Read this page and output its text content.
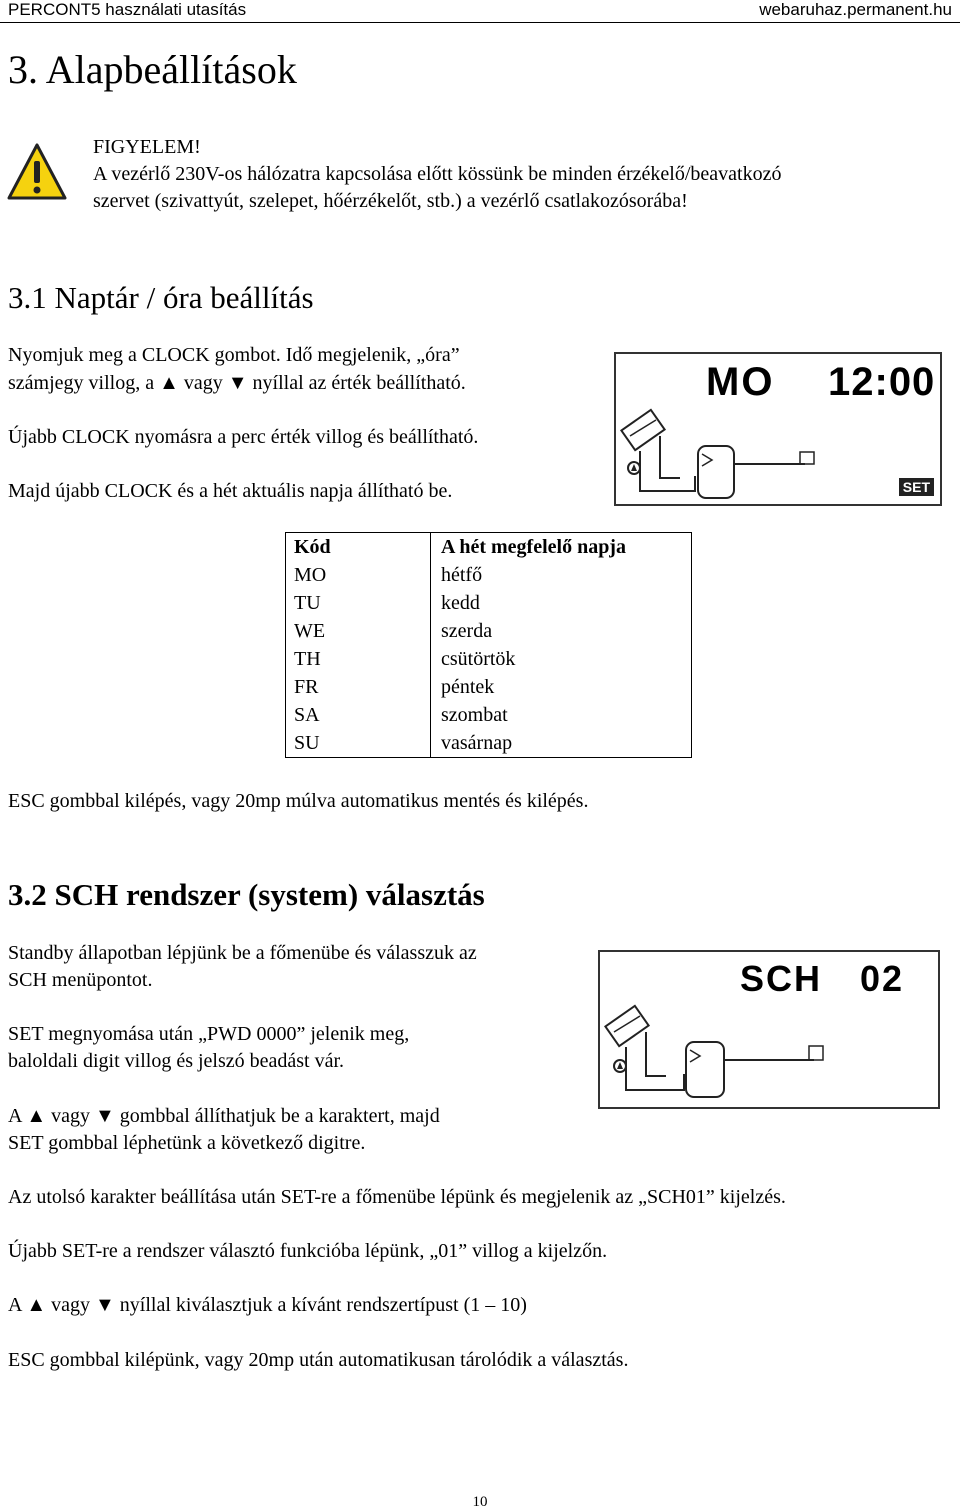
PERCONT5 használati utasítás	webaruhaz.permanent.hu
3. Alapbeállítások
FIGYELEM!
A vezérlő 230V-os hálózatra kapcsolása előtt kössünk be minden érzékelő/beavatkozó
szervet (szivattyút, szelepet, hőérzékelőt, stb.) a vezérlő csatlakozósorába!
3.1 Naptár / óra beállítás
Nyomjuk meg a CLOCK gombot. Idő megjelenik, „óra”
számjegy villog, a ▲ vagy ▼ nyíllal az érték beállítható.
Újabb CLOCK nyomásra a perc érték villog és beállítható.
Majd újabb CLOCK és a hét aktuális napja állítható be.
MO 12:00
SET
Kód	A hét megfelelő napja
MO	hétfő
TU	kedd
WE	szerda
TH	csütörtök
FR	péntek
SA	szombat
SU	vasárnap
ESC gombbal kilépés, vagy 20mp múlva automatikus mentés és kilépés.
3.2 SCH rendszer (system) választás
Standby állapotban lépjünk be a főmenübe és válasszuk az
SCH menüpontot.
SET megnyomása után „PWD 0000” jelenik meg,
baloldali digit villog és jelszó beadást vár.
A ▲ vagy ▼ gombbal állíthatjuk be a karaktert, majd
SET gombbal léphetünk a következő digitre.
SCH 02
Az utolsó karakter beállítása után SET-re a főmenübe lépünk és megjelenik az „SCH01” kijelzés.
Újabb SET-re a rendszer választó funkcióba lépünk, „01” villog a kijelzőn.
A ▲ vagy ▼ nyíllal kiválasztjuk a kívánt rendszertípust (1 – 10)
ESC gombbal kilépünk, vagy 20mp után automatikusan tárolódik a választás.
10
